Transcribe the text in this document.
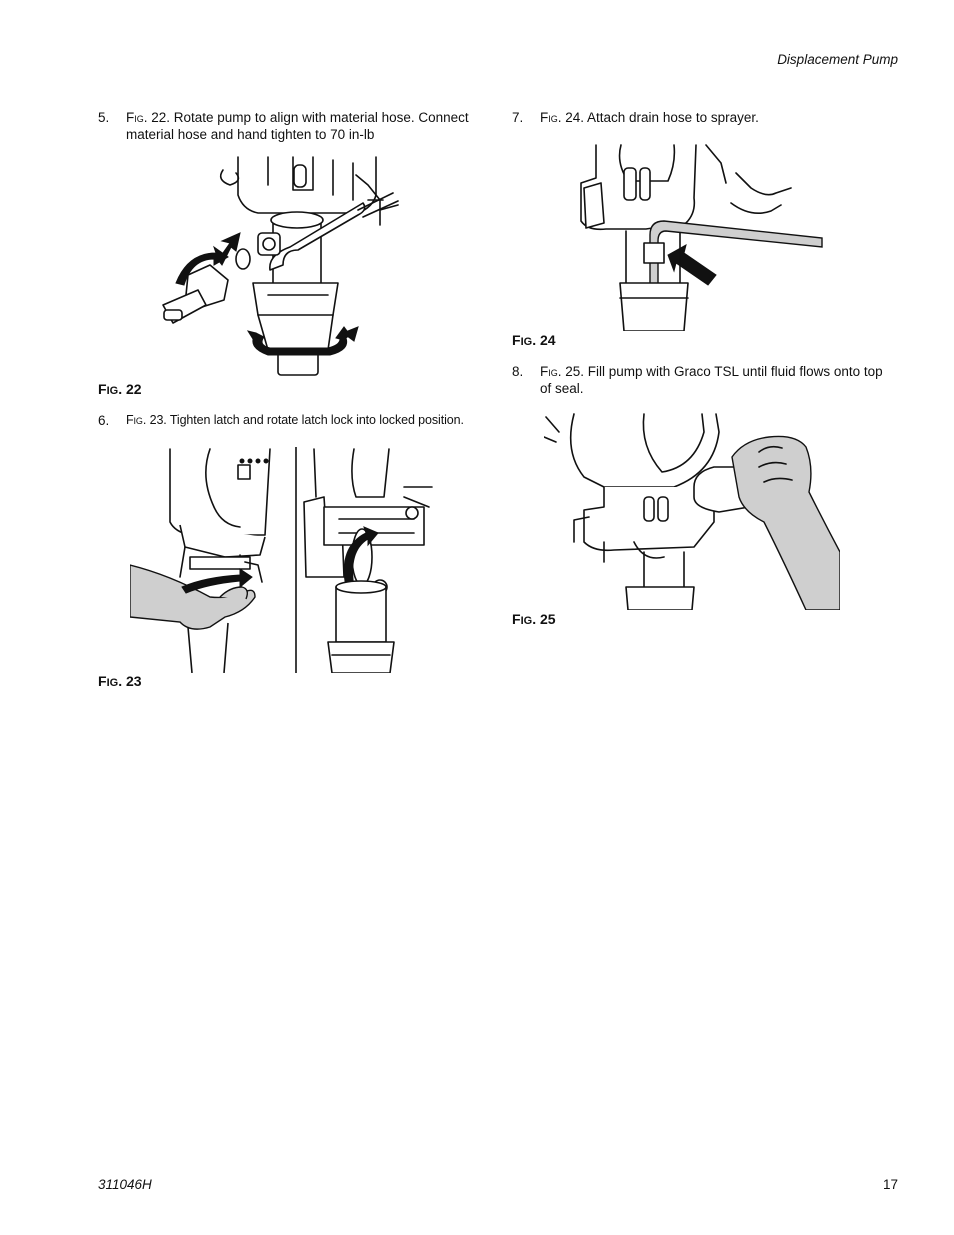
Displacement Pump
5. Fig. 22. Rotate pump to align with material hose. Connect
material hose and hand tighten to 70 in-lb
FIG. 22
6. Fig. 23. Tighten latch and rotate latch lock into locked position.
FIG. 23
7. Fig. 24. Attach drain hose to sprayer.
FIG. 24
8. Fig. 25. Fill pump with Graco TSL until fluid flows onto top
of seal.
FIG. 25
311046H	17
